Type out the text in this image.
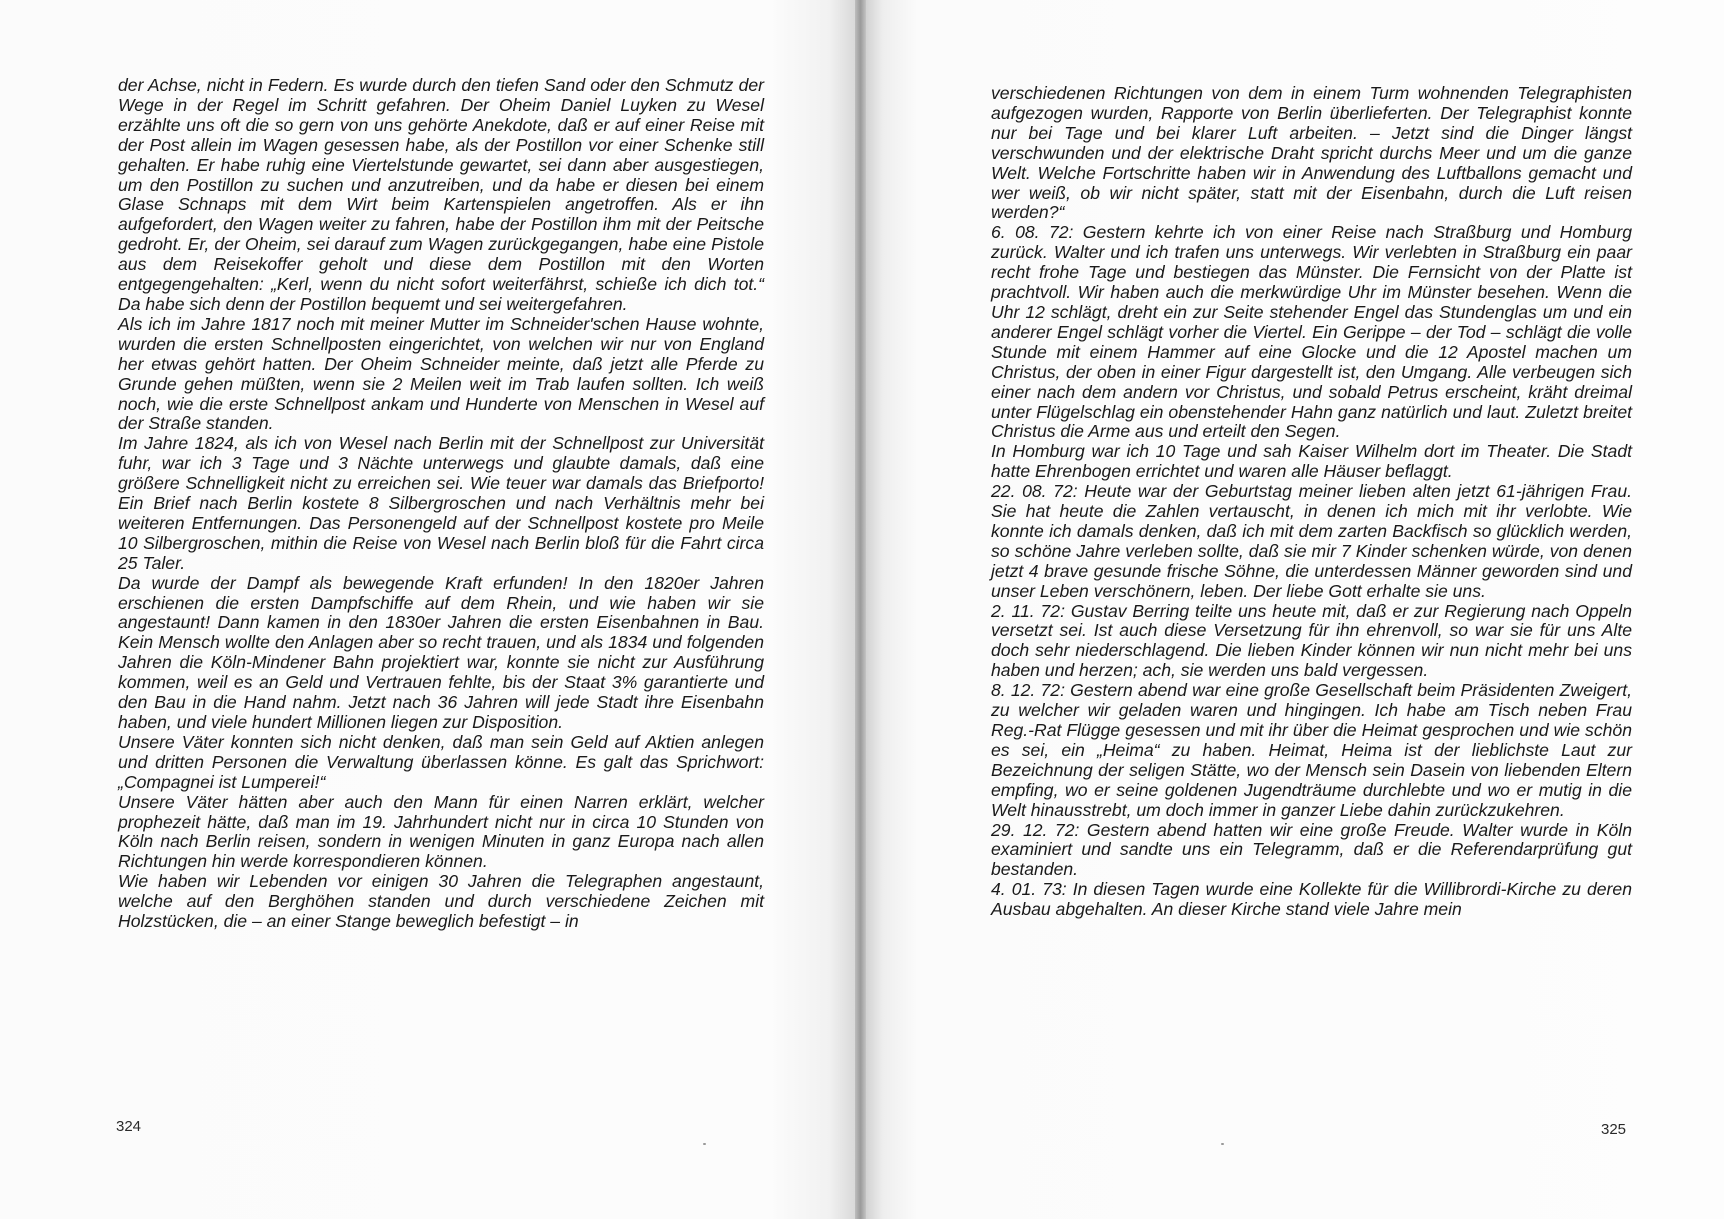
der Achse, nicht in Federn. Es wurde durch den tiefen Sand oder den Schmutz der Wege in der Regel im Schritt gefahren. Der Oheim Daniel Luyken zu Wesel erzählte uns oft die so gern von uns gehörte Anekdote, daß er auf einer Reise mit der Post allein im Wagen gesessen habe, als der Postillon vor einer Schenke still gehalten. Er habe ruhig eine Viertelstunde gewartet, sei dann aber ausgestiegen, um den Postillon zu suchen und anzutreiben, und da habe er diesen bei einem Glase Schnaps mit dem Wirt beim Kartenspielen angetroffen. Als er ihn aufgefordert, den Wagen weiter zu fahren, habe der Postillon ihm mit der Peitsche gedroht. Er, der Oheim, sei darauf zum Wagen zurückgegangen, habe eine Pistole aus dem Reisekoffer geholt und diese dem Postillon mit den Worten entgegengehalten: „Kerl, wenn du nicht sofort weiterfährst, schieße ich dich tot.“ Da habe sich denn der Postillon bequemt und sei weitergefahren.

Als ich im Jahre 1817 noch mit meiner Mutter im Schneider'schen Hause wohnte, wurden die ersten Schnellposten eingerichtet, von welchen wir nur von England her etwas gehört hatten. Der Oheim Schneider meinte, daß jetzt alle Pferde zu Grunde gehen müßten, wenn sie 2 Meilen weit im Trab laufen sollten. Ich weiß noch, wie die erste Schnellpost ankam und Hunderte von Menschen in Wesel auf der Straße standen.

Im Jahre 1824, als ich von Wesel nach Berlin mit der Schnellpost zur Universität fuhr, war ich 3 Tage und 3 Nächte unterwegs und glaubte damals, daß eine größere Schnelligkeit nicht zu erreichen sei. Wie teuer war damals das Briefporto! Ein Brief nach Berlin kostete 8 Silbergroschen und nach Verhältnis mehr bei weiteren Entfernungen. Das Personengeld auf der Schnellpost kostete pro Meile 10 Silbergroschen, mithin die Reise von Wesel nach Berlin bloß für die Fahrt circa 25 Taler.

Da wurde der Dampf als bewegende Kraft erfunden! In den 1820er Jahren erschienen die ersten Dampfschiffe auf dem Rhein, und wie haben wir sie angestaunt! Dann kamen in den 1830er Jahren die ersten Eisenbahnen in Bau. Kein Mensch wollte den Anlagen aber so recht trauen, und als 1834 und folgenden Jahren die Köln-Mindener Bahn projektiert war, konnte sie nicht zur Ausführung kommen, weil es an Geld und Vertrauen fehlte, bis der Staat 3% garantierte und den Bau in die Hand nahm. Jetzt nach 36 Jahren will jede Stadt ihre Eisenbahn haben, und viele hundert Millionen liegen zur Disposition.

Unsere Väter konnten sich nicht denken, daß man sein Geld auf Aktien anlegen und dritten Personen die Verwaltung überlassen könne. Es galt das Sprichwort: „Compagnei ist Lumperei!“

Unsere Väter hätten aber auch den Mann für einen Narren erklärt, welcher prophezeit hätte, daß man im 19. Jahrhundert nicht nur in circa 10 Stunden von Köln nach Berlin reisen, sondern in wenigen Minuten in ganz Europa nach allen Richtungen hin werde korrespondieren können.

Wie haben wir Lebenden vor einigen 30 Jahren die Telegraphen angestaunt, welche auf den Berghöhen standen und durch verschiedene Zeichen mit Holzstücken, die – an einer Stange beweglich befestigt – in

324

verschiedenen Richtungen von dem in einem Turm wohnenden Telegraphisten aufgezogen wurden, Rapporte von Berlin überlieferten. Der Telegraphist konnte nur bei Tage und bei klarer Luft arbeiten. – Jetzt sind die Dinger längst verschwunden und der elektrische Draht spricht durchs Meer und um die ganze Welt. Welche Fortschritte haben wir in Anwendung des Luftballons gemacht und wer weiß, ob wir nicht später, statt mit der Eisenbahn, durch die Luft reisen werden?“

6. 08. 72: Gestern kehrte ich von einer Reise nach Straßburg und Homburg zurück. Walter und ich trafen uns unterwegs. Wir verlebten in Straßburg ein paar recht frohe Tage und bestiegen das Münster. Die Fernsicht von der Platte ist prachtvoll. Wir haben auch die merkwürdige Uhr im Münster besehen. Wenn die Uhr 12 schlägt, dreht ein zur Seite stehender Engel das Stundenglas um und ein anderer Engel schlägt vorher die Viertel. Ein Gerippe – der Tod – schlägt die volle Stunde mit einem Hammer auf eine Glocke und die 12 Apostel machen um Christus, der oben in einer Figur dargestellt ist, den Umgang. Alle verbeugen sich einer nach dem andern vor Christus, und sobald Petrus erscheint, kräht dreimal unter Flügelschlag ein obenstehender Hahn ganz natürlich und laut. Zuletzt breitet Christus die Arme aus und erteilt den Segen.

In Homburg war ich 10 Tage und sah Kaiser Wilhelm dort im Theater. Die Stadt hatte Ehrenbogen errichtet und waren alle Häuser beflaggt.

22. 08. 72: Heute war der Geburtstag meiner lieben alten jetzt 61-jährigen Frau. Sie hat heute die Zahlen vertauscht, in denen ich mich mit ihr verlobte. Wie konnte ich damals denken, daß ich mit dem zarten Backfisch so glücklich werden, so schöne Jahre verleben sollte, daß sie mir 7 Kinder schenken würde, von denen jetzt 4 brave gesunde frische Söhne, die unterdessen Männer geworden sind und unser Leben verschönern, leben. Der liebe Gott erhalte sie uns.

2. 11. 72: Gustav Berring teilte uns heute mit, daß er zur Regierung nach Oppeln versetzt sei. Ist auch diese Versetzung für ihn ehrenvoll, so war sie für uns Alte doch sehr niederschlagend. Die lieben Kinder können wir nun nicht mehr bei uns haben und herzen; ach, sie werden uns bald vergessen.

8. 12. 72: Gestern abend war eine große Gesellschaft beim Präsidenten Zweigert, zu welcher wir geladen waren und hingingen. Ich habe am Tisch neben Frau Reg.-Rat Flügge gesessen und mit ihr über die Heimat gesprochen und wie schön es sei, ein „Heima“ zu haben. Heimat, Heima ist der lieblichste Laut zur Bezeichnung der seligen Stätte, wo der Mensch sein Dasein von liebenden Eltern empfing, wo er seine goldenen Jugendträume durchlebte und wo er mutig in die Welt hinausstrebt, um doch immer in ganzer Liebe dahin zurückzukehren.

29. 12. 72: Gestern abend hatten wir eine große Freude. Walter wurde in Köln examiniert und sandte uns ein Telegramm, daß er die Referendarprüfung gut bestanden.

4. 01. 73: In diesen Tagen wurde eine Kollekte für die Willibrordi-Kirche zu deren Ausbau abgehalten. An dieser Kirche stand viele Jahre mein

325
